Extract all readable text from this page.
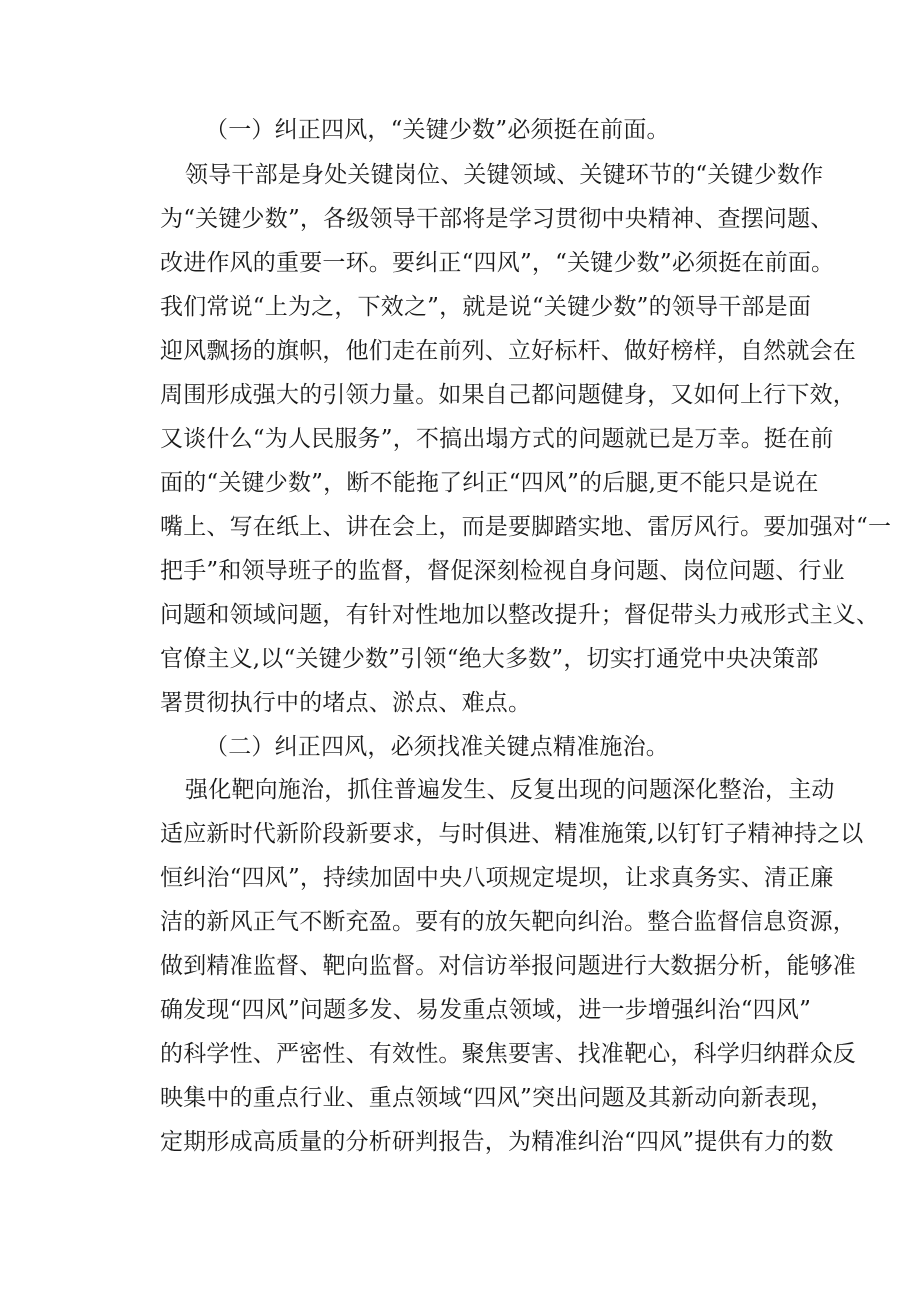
（一）纠正四风，“关键少数”必须挺在前面。
领导干部是身处关键岗位、关键领域、关键环节的“关键少数作
为“关键少数”，各级领导干部将是学习贯彻中央精神、查摆问题、
改进作风的重要一环。要纠正“四风”，“关键少数”必须挺在前面。
我们常说“上为之，下效之”，就是说“关键少数”的领导干部是面
迎风飘扬的旗帜，他们走在前列、立好标杆、做好榜样，自然就会在
周围形成强大的引领力量。如果自己都问题健身，又如何上行下效，
又谈什么“为人民服务”，不搞出塌方式的问题就已是万幸。挺在前
面的“关键少数”，断不能拖了纠正“四风”的后腿,更不能只是说在
嘴上、写在纸上、讲在会上，而是要脚踏实地、雷厉风行。要加强对“一
把手”和领导班子的监督，督促深刻检视自身问题、岗位问题、行业
问题和领域问题，有针对性地加以整改提升；督促带头力戒形式主义、
官僚主义,以“关键少数”引领“绝大多数”，切实打通党中央决策部
署贯彻执行中的堵点、淤点、难点。
（二）纠正四风，必须找准关键点精准施治。
强化靶向施治，抓住普遍发生、反复出现的问题深化整治，主动
适应新时代新阶段新要求，与时俱进、精准施策,以钉钉子精神持之以
恒纠治“四风”，持续加固中央八项规定堤坝，让求真务实、清正廉
洁的新风正气不断充盈。要有的放矢靶向纠治。整合监督信息资源，
做到精准监督、靶向监督。对信访举报问题进行大数据分析，能够准
确发现“四风”问题多发、易发重点领域，进一步增强纠治“四风”
的科学性、严密性、有效性。聚焦要害、找准靶心，科学归纳群众反
映集中的重点行业、重点领域“四风”突出问题及其新动向新表现，
定期形成高质量的分析研判报告，为精准纠治“四风”提供有力的数
